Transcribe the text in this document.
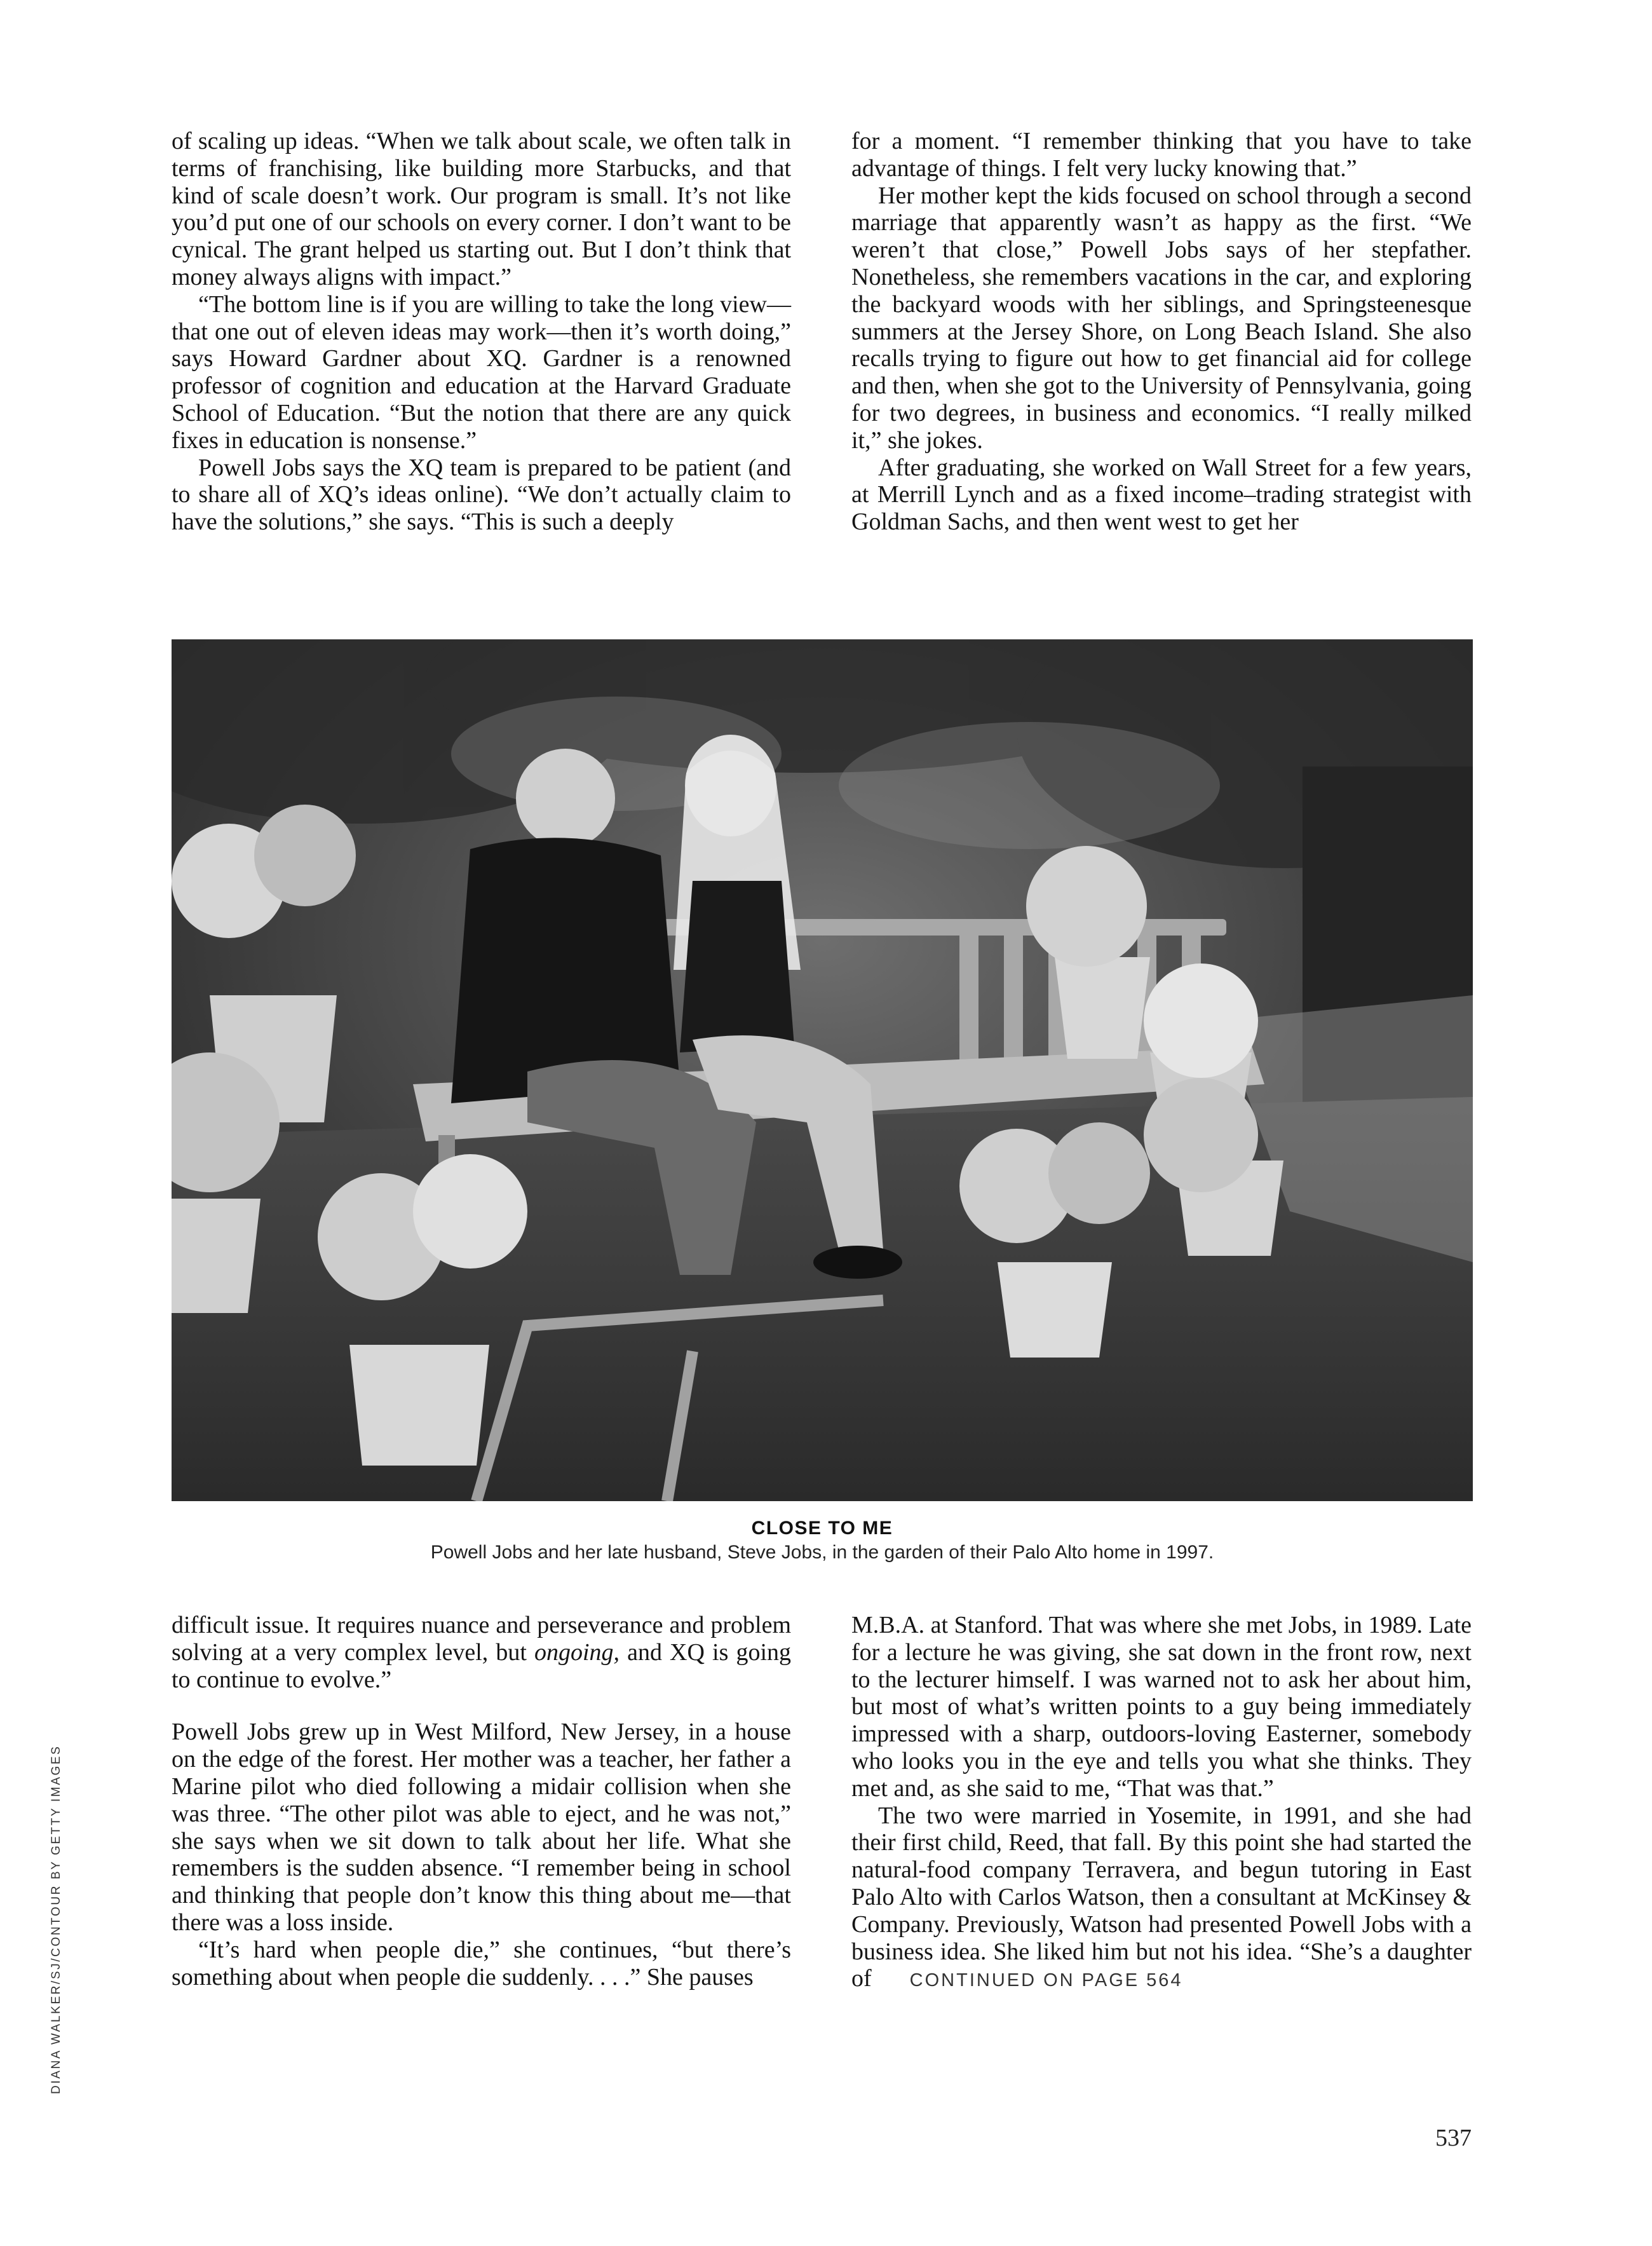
of scaling up ideas. “When we talk about scale, we often talk in terms of franchising, like building more Starbucks, and that kind of scale doesn’t work. Our program is small. It’s not like you’d put one of our schools on every corner. I don’t want to be cynical. The grant helped us starting out. But I don’t think that money always aligns with impact.”

“The bottom line is if you are willing to take the long view—that one out of eleven ideas may work—then it’s worth doing,” says Howard Gardner about XQ. Gardner is a renowned professor of cognition and education at the Harvard Graduate School of Education. “But the notion that there are any quick fixes in education is nonsense.”

Powell Jobs says the XQ team is prepared to be patient (and to share all of XQ’s ideas online). “We don’t actually claim to have the solutions,” she says. “This is such a deeply

for a moment. “I remember thinking that you have to take advantage of things. I felt very lucky knowing that.”

Her mother kept the kids focused on school through a second marriage that apparently wasn’t as happy as the first. “We weren’t that close,” Powell Jobs says of her stepfather. Nonetheless, she remembers vacations in the car, and exploring the backyard woods with her siblings, and Springsteenesque summers at the Jersey Shore, on Long Beach Island. She also recalls trying to figure out how to get financial aid for college and then, when she got to the University of Pennsylvania, going for two degrees, in business and economics. “I really milked it,” she jokes.

After graduating, she worked on Wall Street for a few years, at Merrill Lynch and as a fixed income–trading strategist with Goldman Sachs, and then went west to get her

CLOSE TO ME
Powell Jobs and her late husband, Steve Jobs, in the garden of their Palo Alto home in 1997.

difficult issue. It requires nuance and perseverance and problem solving at a very complex level, but ongoing, and XQ is going to continue to evolve.”

Powell Jobs grew up in West Milford, New Jersey, in a house on the edge of the forest. Her mother was a teacher, her father a Marine pilot who died following a midair collision when she was three. “The other pilot was able to eject, and he was not,” she says when we sit down to talk about her life. What she remembers is the sudden absence. “I remember being in school and thinking that people don’t know this thing about me—that there was a loss inside.

“It’s hard when people die,” she continues, “but there’s something about when people die suddenly. . . .” She pauses

M.B.A. at Stanford. That was where she met Jobs, in 1989. Late for a lecture he was giving, she sat down in the front row, next to the lecturer himself. I was warned not to ask her about him, but most of what’s written points to a guy being immediately impressed with a sharp, outdoors-loving Easterner, somebody who looks you in the eye and tells you what she thinks. They met and, as she said to me, “That was that.”

The two were married in Yosemite, in 1991, and she had their first child, Reed, that fall. By this point she had started the natural-food company Terravera, and begun tutoring in East Palo Alto with Carlos Watson, then a consultant at McKinsey & Company. Previously, Watson had presented Powell Jobs with a business idea. She liked him but not his idea. “She’s a daughter of CONTINUED ON PAGE 564

DIANA WALKER/SJ/CONTOUR BY GETTY IMAGES
537
